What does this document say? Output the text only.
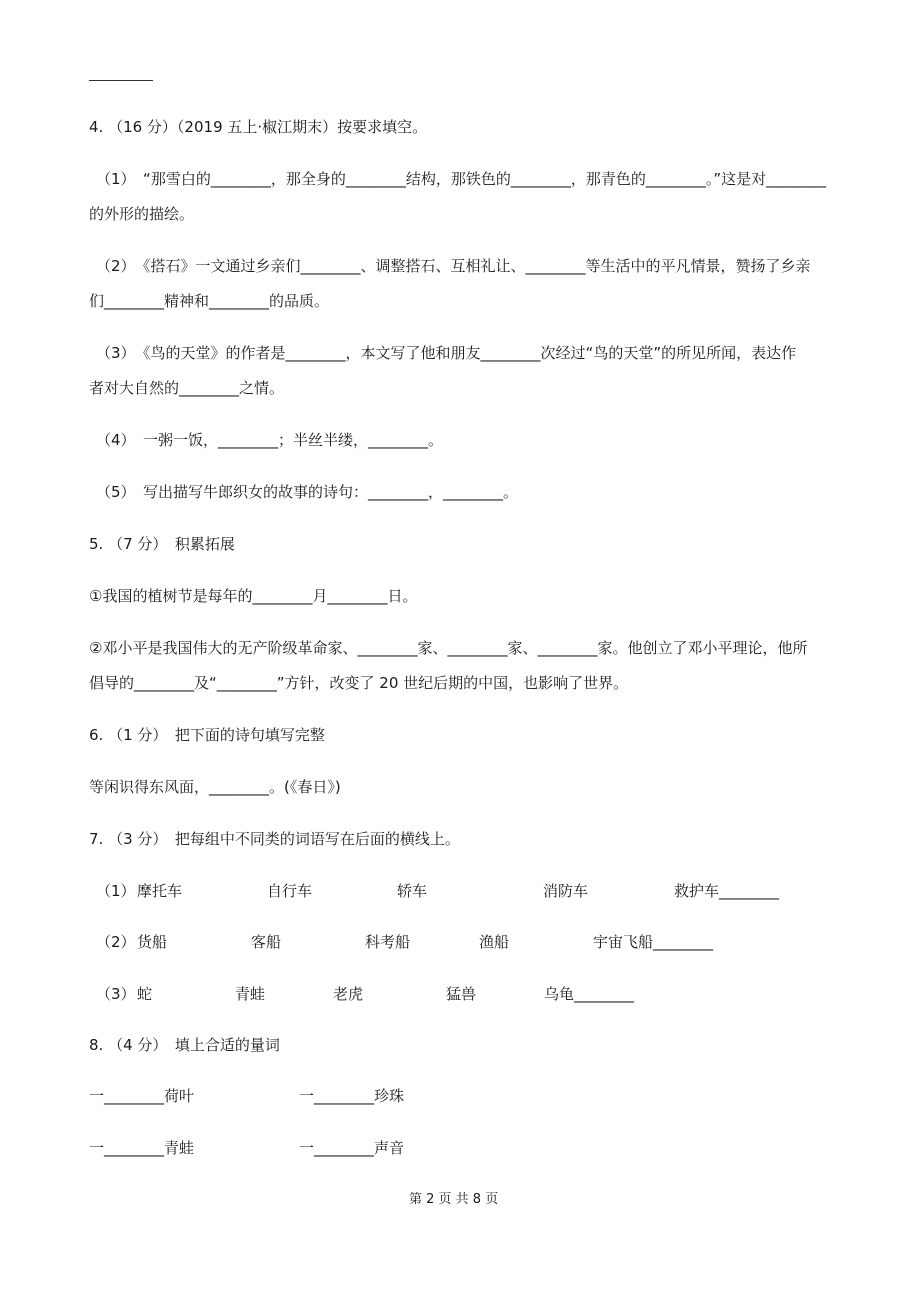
4. （16 分）（2019 五上·椒江期末）按要求填空。
（1）　“那雪白的________，那全身的________结构，那铁色的________，那青色的________。”这是对________
的外形的描绘。
（2）　《搭石》一文通过乡亲们________、调整搭石、互相礼让、________等生活中的平凡情景，赞扬了乡亲
们________精神和________的品质。
（3）　《鸟的天堂》的作者是________，本文写了他和朋友________次经过“鸟的天堂”的所见所闻，表达作
者对大自然的________之情。
（4）　一粥一饭，________；半丝半缕，________。
（5）　写出描写牛郎织女的故事的诗句：________，________。
5. （7 分）　积累拓展
①我国的植树节是每年的________月________日。
②邓小平是我国伟大的无产阶级革命家、________家、________家、________家。他创立了邓小平理论，他所
倡导的________及“________”方针，改变了 20 世纪后期的中国，也影响了世界。
6. （1 分）　把下面的诗句填写完整
等闲识得东风面，________。(《春日》)
7. （3 分）　把每组中不同类的词语写在后面的横线上。
（1） 摩托车	自行车	轿车	消防车	救护车________
（2） 货船	客船	科考船	渔船	宇宙飞船________
（3） 蛇	青蛙	老虎	猛兽	乌龟________
8. （4 分）　填上合适的量词
一________荷叶	一________珍珠
一________青蛙	一________声音
第 2 页 共 8 页
